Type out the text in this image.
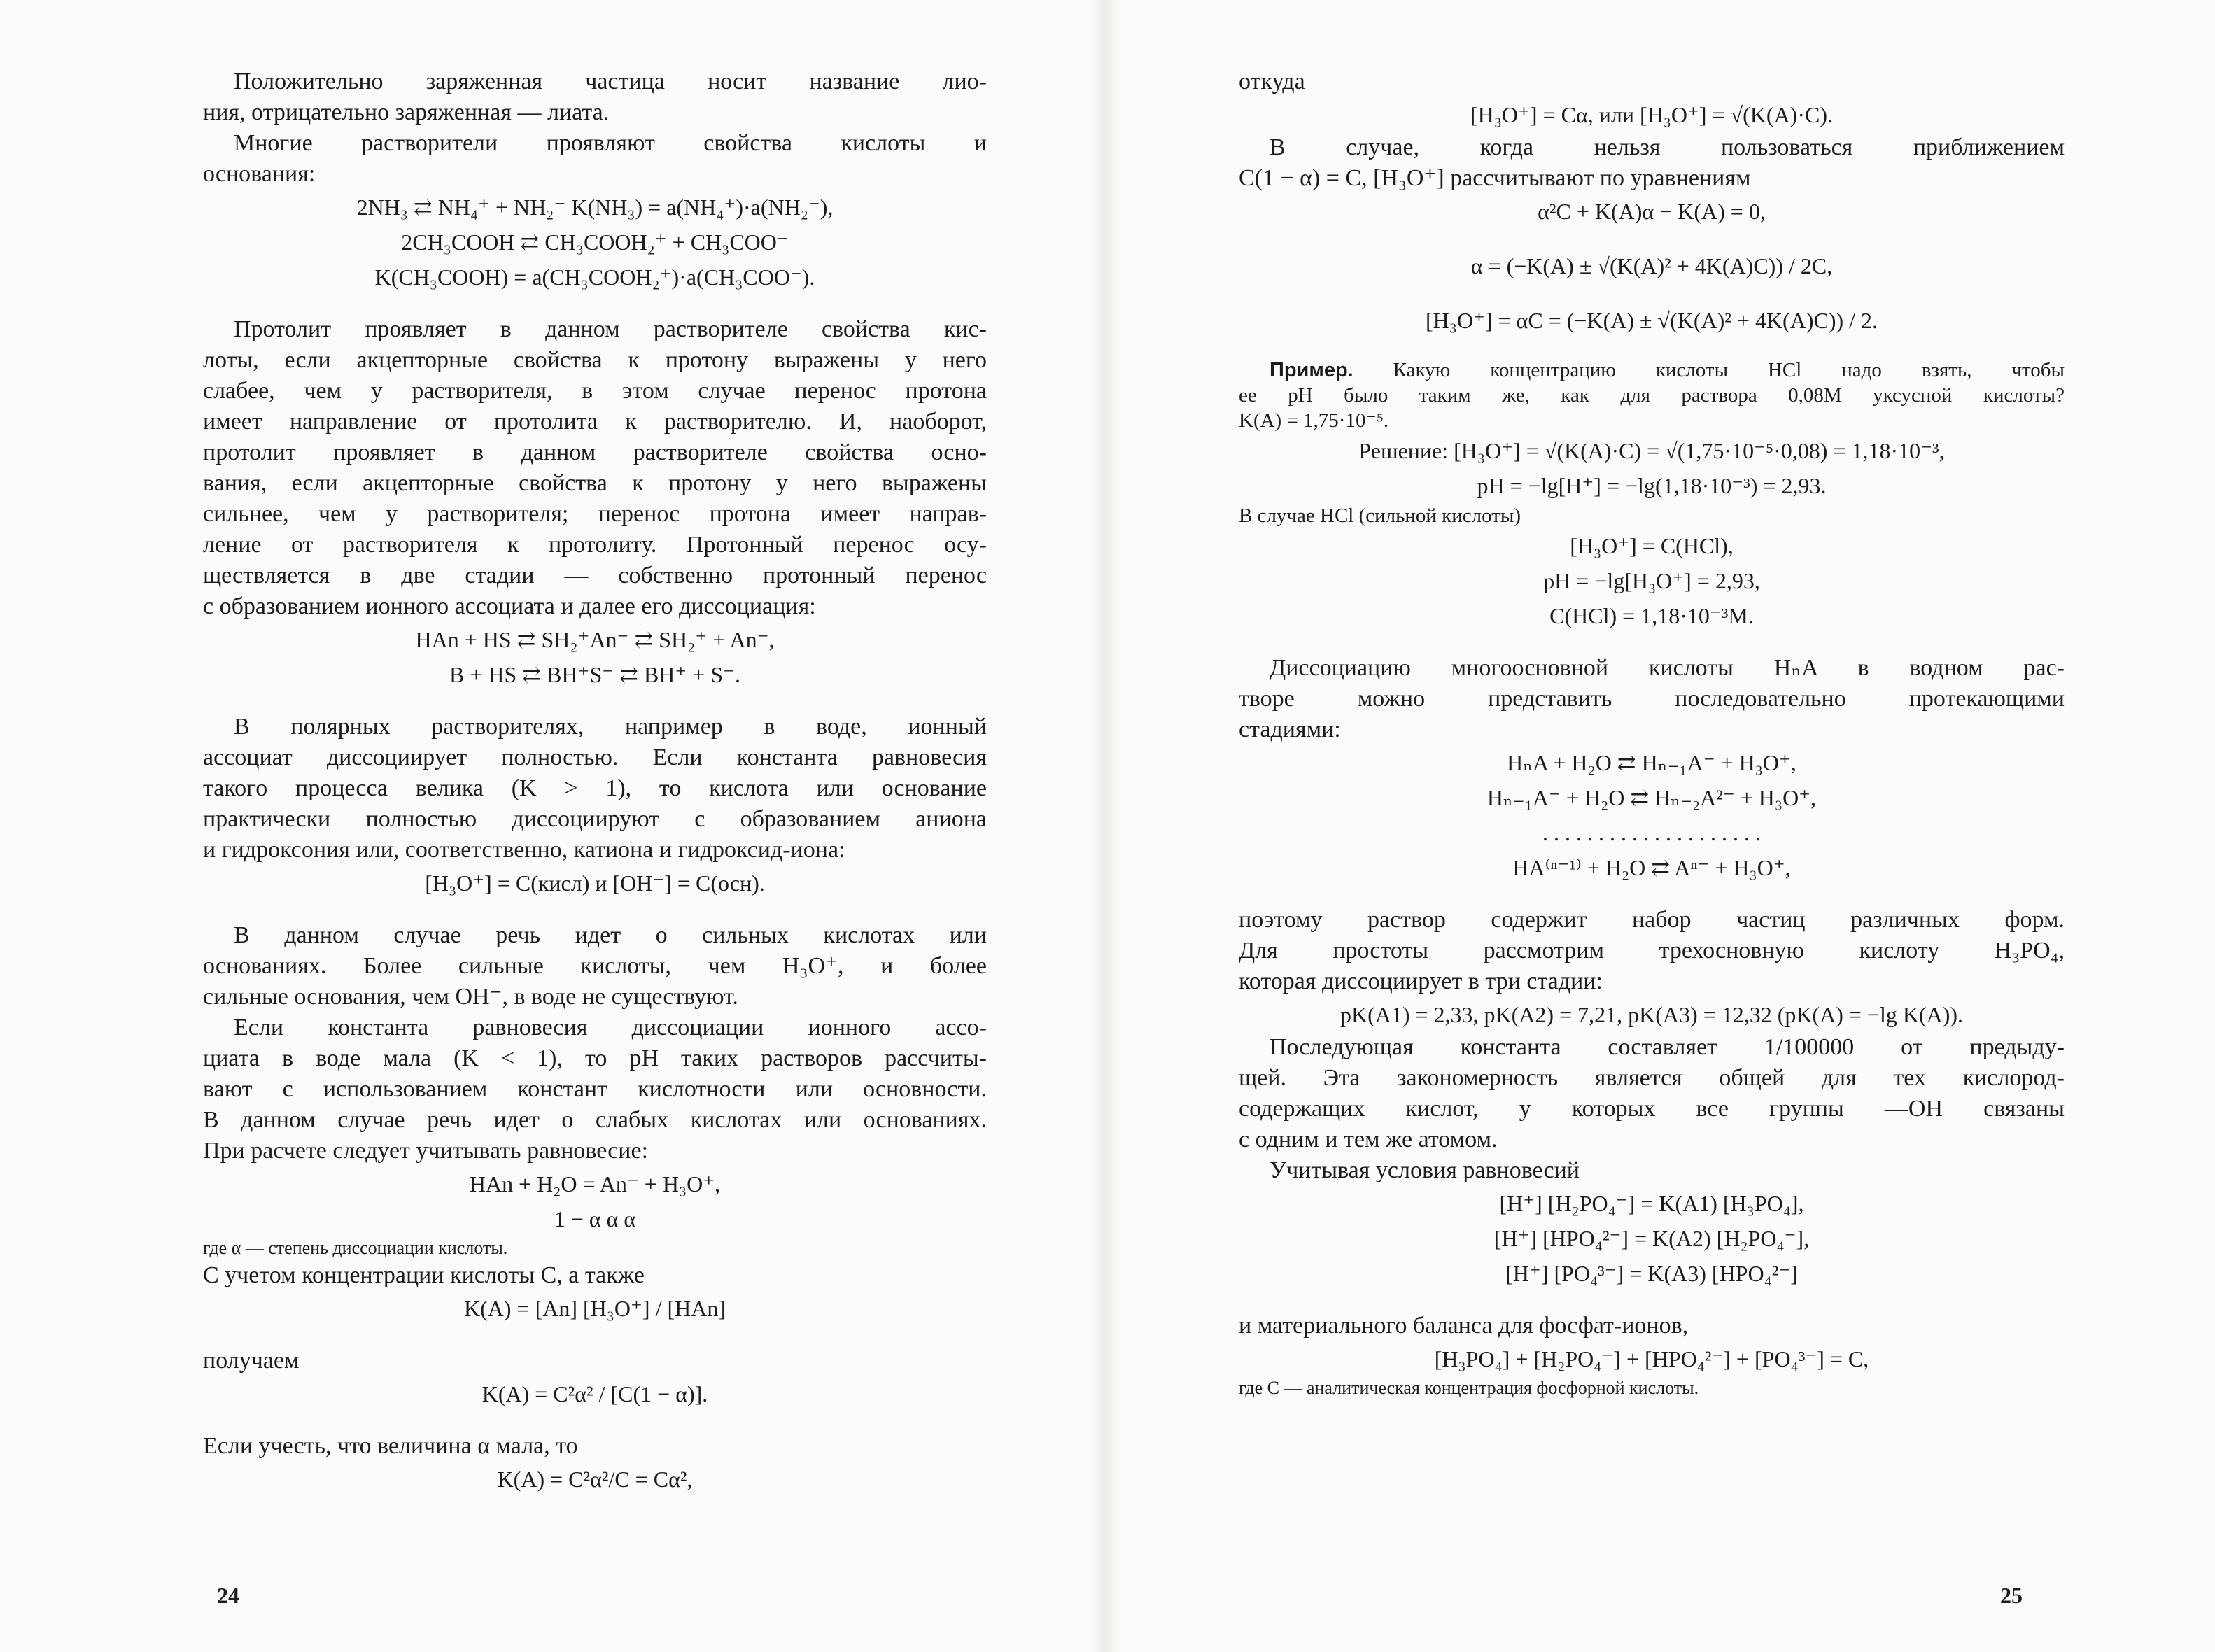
Положительно заряженная частица носит название лио-
ния, отрицательно заряженная — лиата.
Многие растворители проявляют свойства кислоты и
основания:
2NH₃ ⇄ NH₄⁺ + NH₂⁻ K(NH₃) = a(NH₄⁺)·a(NH₂⁻),
2CH₃COOH ⇄ CH₃COOH₂⁺ + CH₃COO⁻
K(CH₃COOH) = a(CH₃COOH₂⁺)·a(CH₃COO⁻).
Протолит проявляет в данном растворителе свойства кис-
лоты, если акцепторные свойства к протону выражены у него
слабее, чем у растворителя, в этом случае перенос протона
имеет направление от протолита к растворителю. И, наоборот,
протолит проявляет в данном растворителе свойства осно-
вания, если акцепторные свойства к протону у него выражены
сильнее, чем у растворителя; перенос протона имеет направ-
ление от растворителя к протолиту. Протонный перенос осу-
ществляется в две стадии — собственно протонный перенос
с образованием ионного ассоциата и далее его диссоциация:
HAn + HS ⇄ SH₂⁺An⁻ ⇄ SH₂⁺ + An⁻,
B + HS ⇄ BH⁺S⁻ ⇄ BH⁺ + S⁻.
В полярных растворителях, например в воде, ионный
ассоциат диссоциирует полностью. Если константа равновесия
такого процесса велика (K > 1), то кислота или основание
практически полностью диссоциируют с образованием аниона
и гидроксония или, соответственно, катиона и гидроксид-иона:
[H₃O⁺] = C(кисл) и [OH⁻] = C(осн).
В данном случае речь идет о сильных кислотах или
основаниях. Более сильные кислоты, чем H₃O⁺, и более
сильные основания, чем OH⁻, в воде не существуют.
Если константа равновесия диссоциации ионного ассо-
циата в воде мала (K < 1), то pH таких растворов рассчиты-
вают с использованием констант кислотности или основности.
В данном случае речь идет о слабых кислотах или основаниях.
При расчете следует учитывать равновесие:
HAn + H₂O = An⁻ + H₃O⁺,
1 − α α α
где α — степень диссоциации кислоты.
С учетом концентрации кислоты C, а также
K(A) = [An] [H₃O⁺] / [HAn]
получаем
K(A) = C²α² / [C(1 − α)].
Если учесть, что величина α мала, то
K(A) = C²α²/C = Cα²,
откуда
[H₃O⁺] = Cα, или [H₃O⁺] = √(K(A)·C).
В случае, когда нельзя пользоваться приближением
C(1 − α) = C, [H₃O⁺] рассчитывают по уравнениям
α²C + K(A)α − K(A) = 0,
α = (−K(A) ± √(K(A)² + 4K(A)C)) / 2C,
[H₃O⁺] = αC = (−K(A) ± √(K(A)² + 4K(A)C)) / 2.
Пример. Какую концентрацию кислоты HCl надо взять, чтобы
ее pH было таким же, как для раствора 0,08M уксусной кислоты?
K(A) = 1,75·10⁻⁵.
Решение: [H₃O⁺] = √(K(A)·C) = √(1,75·10⁻⁵·0,08) = 1,18·10⁻³,
pH = −lg[H⁺] = −lg(1,18·10⁻³) = 2,93.
В случае HCl (сильной кислоты)
[H₃O⁺] = C(HCl),
pH = −lg[H₃O⁺] = 2,93,
C(HCl) = 1,18·10⁻³M.
Диссоциацию многоосновной кислоты HₙA в водном рас-
творе можно представить последовательно протекающими
стадиями:
HₙA + H₂O ⇄ Hₙ₋₁A⁻ + H₃O⁺,
Hₙ₋₁A⁻ + H₂O ⇄ Hₙ₋₂A²⁻ + H₃O⁺,
. . . . . . . . . . . . . . . . . . . .
HA⁽ⁿ⁻¹⁾ + H₂O ⇄ Aⁿ⁻ + H₃O⁺,
поэтому раствор содержит набор частиц различных форм.
Для простоты рассмотрим трехосновную кислоту H₃PO₄,
которая диссоциирует в три стадии:
pK(A1) = 2,33, pK(A2) = 7,21, pK(A3) = 12,32 (pK(A) = −lg K(A)).
Последующая константа составляет 1/100000 от предыду-
щей. Эта закономерность является общей для тех кислород-
содержащих кислот, у которых все группы —OH связаны
с одним и тем же атомом.
Учитывая условия равновесий
[H⁺] [H₂PO₄⁻] = K(A1) [H₃PO₄],
[H⁺] [HPO₄²⁻] = K(A2) [H₂PO₄⁻],
[H⁺] [PO₄³⁻] = K(A3) [HPO₄²⁻]
и материального баланса для фосфат-ионов,
[H₃PO₄] + [H₂PO₄⁻] + [HPO₄²⁻] + [PO₄³⁻] = C,
где C — аналитическая концентрация фосфорной кислоты.
24	25
